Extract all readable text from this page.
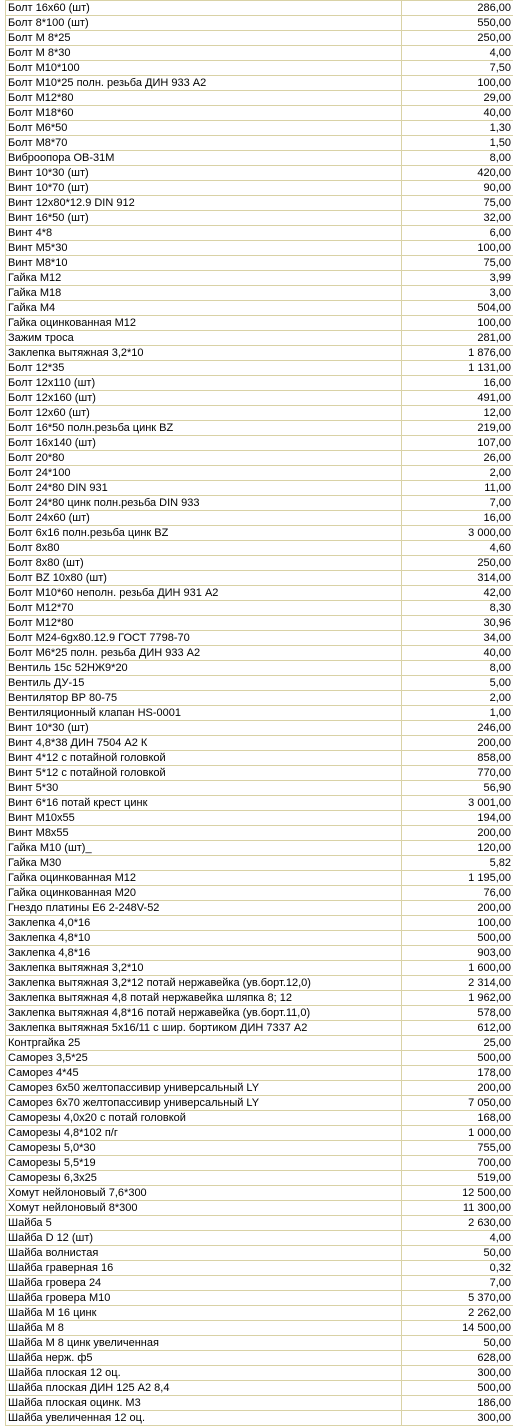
Болт 16х60 (шт)	286,00
Болт 8*100 (шт)	550,00
Болт М 8*25	250,00
Болт М 8*30	4,00
Болт М10*100	7,50
Болт М10*25 полн. резьба ДИН 933 А2	100,00
Болт М12*80	29,00
Болт М18*60	40,00
Болт М6*50	1,30
Болт М8*70	1,50
Виброопора ОВ-31М	8,00
Винт 10*30 (шт)	420,00
Винт 10*70 (шт)	90,00
Винт 12х80*12.9 DIN 912	75,00
Винт 16*50 (шт)	32,00
Винт 4*8	6,00
Винт М5*30	100,00
Винт М8*10	75,00
Гайка М12	3,99
Гайка М18	3,00
Гайка М4	504,00
Гайка оцинкованная М12	100,00
Зажим троса	281,00
Заклепка вытяжная 3,2*10	1 876,00
Болт 12*35	1 131,00
Болт 12х110 (шт)	16,00
Болт 12х160 (шт)	491,00
Болт 12х60 (шт)	12,00
Болт 16*50 полн.резьба цинк BZ	219,00
Болт 16х140 (шт)	107,00
Болт 20*80	26,00
Болт 24*100	2,00
Болт 24*80 DIN 931	11,00
Болт 24*80 цинк полн.резьба DIN 933	7,00
Болт 24х60 (шт)	16,00
Болт 6х16 полн.резьба цинк BZ	3 000,00
Болт 8х80	4,60
Болт 8х80 (шт)	250,00
Болт BZ 10х80 (шт)	314,00
Болт М10*60 неполн. резьба ДИН 931 А2	42,00
Болт М12*70	8,30
Болт М12*80	30,96
Болт М24-6gх80.12.9 ГОСТ 7798-70	34,00
Болт М6*25 полн. резьба ДИН 933 А2	40,00
Вентиль 15с 52НЖ9*20	8,00
Вентиль ДУ-15	5,00
Вентилятор ВР 80-75	2,00
Вентиляционный клапан HS-0001	1,00
Винт 10*30 (шт)	246,00
Винт 4,8*38 ДИН 7504 А2 К	200,00
Винт 4*12 с потайной головкой	858,00
Винт 5*12 с потайной головкой	770,00
Винт 5*30	56,90
Винт 6*16 потай крест цинк	3 001,00
Винт М10х55	194,00
Винт М8х55	200,00
Гайка М10 (шт)_	120,00
Гайка М30	5,82
Гайка оцинкованная М12	1 195,00
Гайка оцинкованная М20	76,00
Гнездо платины Е6 2-248V-52	200,00
Заклепка 4,0*16	100,00
Заклепка 4,8*10	500,00
Заклепка 4,8*16	903,00
Заклепка вытяжная 3,2*10	1 600,00
Заклепка вытяжная 3,2*12 потай нержавейка (ув.борт.12,0)	2 314,00
Заклепка вытяжная 4,8 потай нержавейка шляпка 8; 12	1 962,00
Заклепка вытяжная 4,8*16 потай нержавейка (ув.борт.11,0)	578,00
Заклепка вытяжная 5х16/11 с шир. бортиком ДИН 7337 А2	612,00
Контргайка 25	25,00
Саморез 3,5*25	500,00
Саморез 4*45	178,00
Саморез 6х50 желтопассивир универсальный LY	200,00
Саморез 6х70 желтопассивир универсальный LY	7 050,00
Саморезы 4,0х20 с потай головкой	168,00
Саморезы 4,8*102 п/г	1 000,00
Саморезы 5,0*30	755,00
Саморезы 5,5*19	700,00
Саморезы 6,3х25	519,00
Хомут нейлоновый 7,6*300	12 500,00
Хомут нейлоновый 8*300	11 300,00
Шайба 5	2 630,00
Шайба D 12 (шт)	4,00
Шайба волнистая	50,00
Шайба граверная 16	0,32
Шайба гровера 24	7,00
Шайба гровера М10	5 370,00
Шайба М 16 цинк	2 262,00
Шайба М 8	14 500,00
Шайба М 8 цинк увеличенная	50,00
Шайба нерж. ф5	628,00
Шайба плоская 12 оц.	300,00
Шайба плоская ДИН 125 А2 8,4	500,00
Шайба плоская оцинк. М3	186,00
Шайба увеличенная 12 оц.	300,00
